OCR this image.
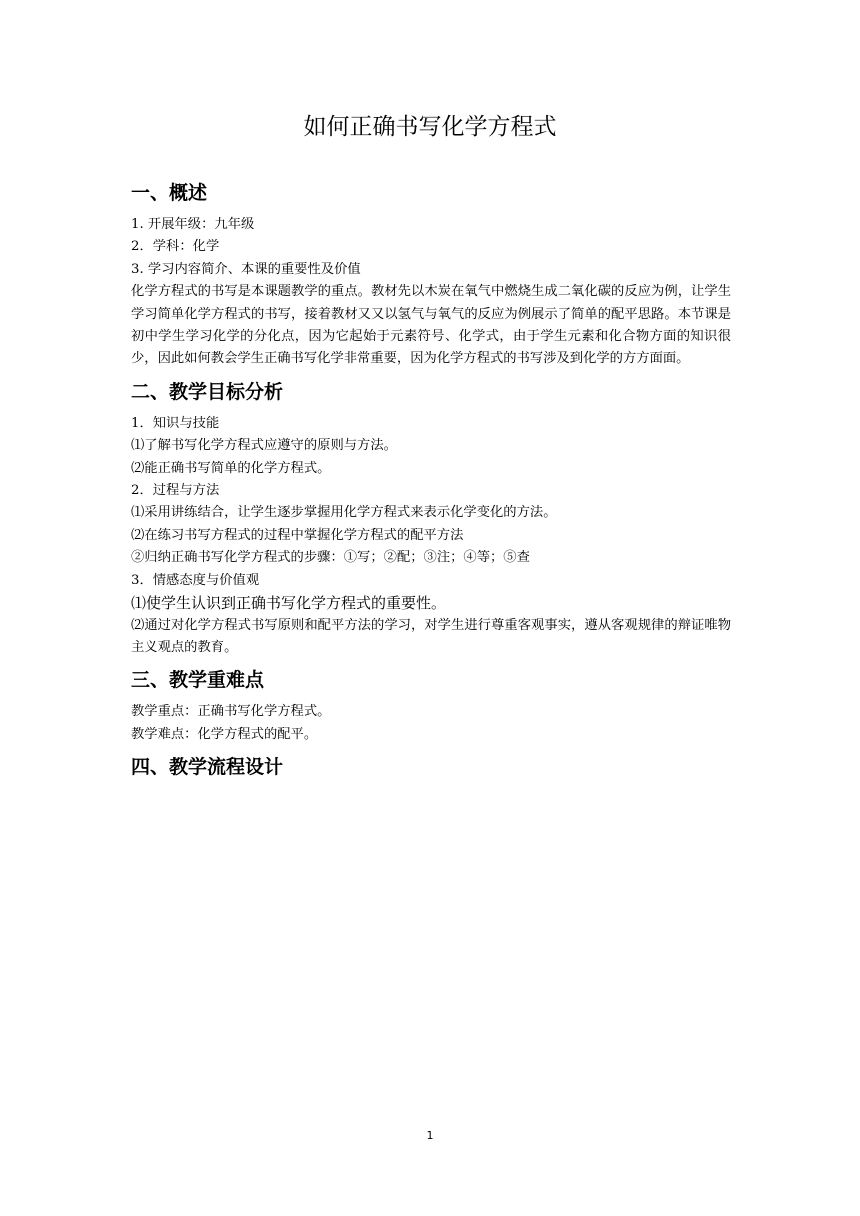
如何正确书写化学方程式
一、概述

1. 开展年级：九年级

2．学科：化学

3. 学习内容简介、本课的重要性及价值

化学方程式的书写是本课题教学的重点。教材先以木炭在氧气中燃烧生成二氧化碳的反应为例，让学生学习简单化学方程式的书写，接着教材又又以氢气与氧气的反应为例展示了简单的配平思路。本节课是初中学生学习化学的分化点，因为它起始于元素符号、化学式，由于学生元素和化合物方面的知识很少，因此如何教会学生正确书写化学非常重要，因为化学方程式的书写涉及到化学的方方面面。

二、教学目标分析

1．知识与技能

⑴了解书写化学方程式应遵守的原则与方法。

⑵能正确书写简单的化学方程式。

2．过程与方法

⑴采用讲练结合，让学生逐步掌握用化学方程式来表示化学变化的方法。

⑵在练习书写方程式的过程中掌握化学方程式的配平方法

②归纳正确书写化学方程式的步骤：①写；②配；③注；④等；⑤查

3．情感态度与价值观

⑴使学生认识到正确书写化学方程式的重要性。

⑵通过对化学方程式书写原则和配平方法的学习，对学生进行尊重客观事实，遵从客观规律的辩证唯物主义观点的教育。

三、教学重难点

教学重点：正确书写化学方程式。

教学难点：化学方程式的配平。

四、教学流程设计
1
